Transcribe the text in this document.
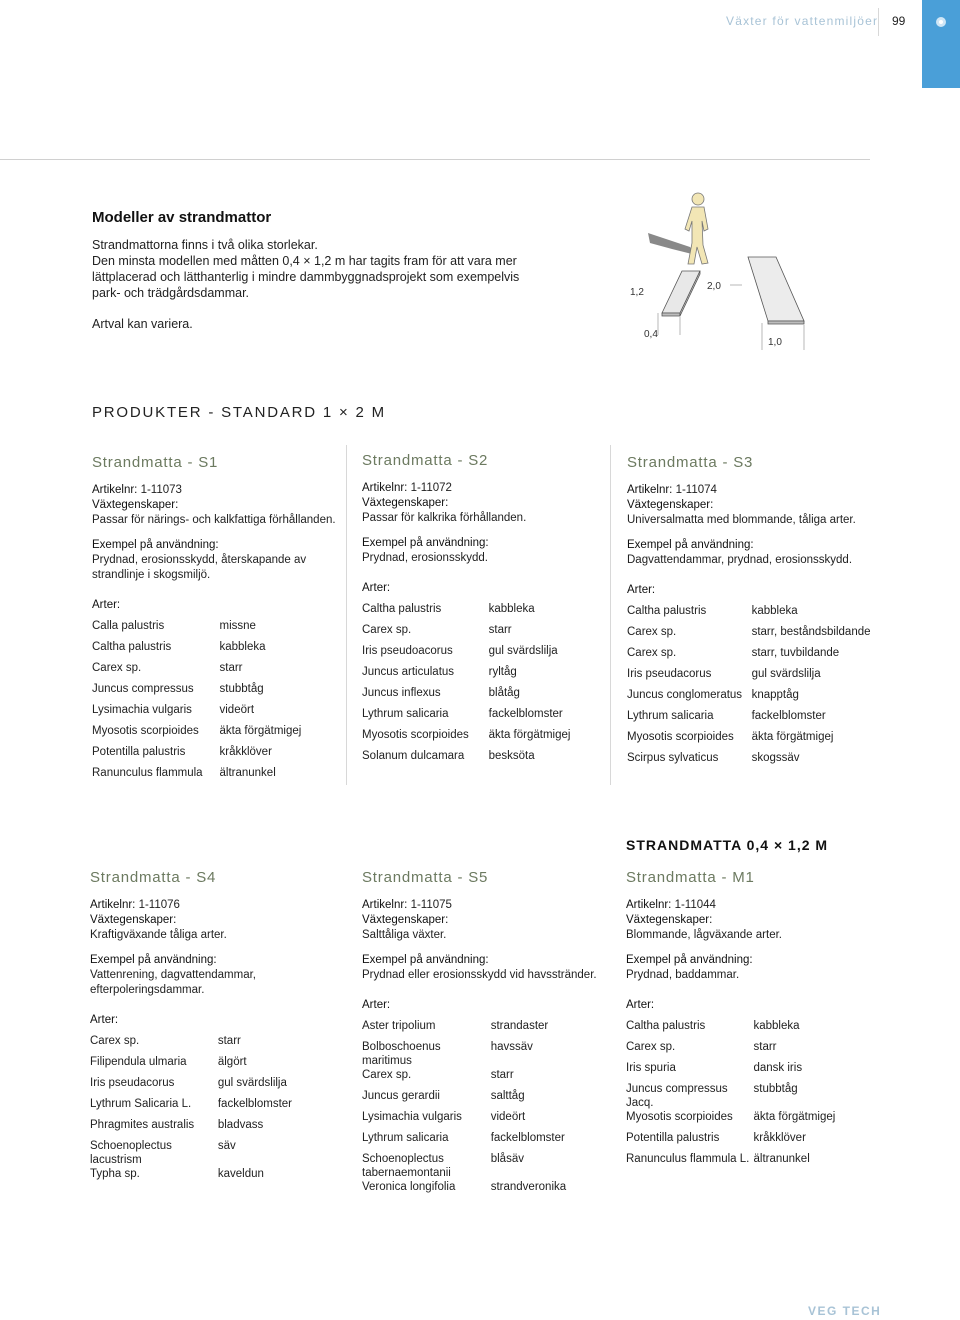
Växter för vattenmiljöer 99
Modeller av strandmattor

Strandmattorna finns i två olika storlekar.

Den minsta modellen med måtten 0,4 × 1,2 m har tagits fram för att vara mer lättplacerad och lätthanterlig i mindre dammbyggnadsprojekt som exempelvis park- och trädgårdsdammar.

Artval kan variera.
1,2
0,4
2,0
1,0
PRODUKTER - STANDARD 1 × 2 M
STRANDMATTA 0,4 × 1,2 M
Strandmatta - S1
Artikelnr: 1-11073
Växtegenskaper:
Passar för närings- och kalkfattiga förhållanden.
Exempel på användning:
Prydnad, erosionsskydd, återskapande av strandlinje i skogsmiljö.
Arter:
Calla palustris	missne
Caltha palustris	kabbleka
Carex sp.	starr
Juncus compressus	stubbtåg
Lysimachia vulgaris	videört
Myosotis scorpioides	äkta förgätmigej
Potentilla palustris	kråkklöver
Ranunculus flammula	ältranunkel
Strandmatta - S2
Artikelnr: 1-11072
Växtegenskaper:
Passar för kalkrika förhållanden.
Exempel på användning:
Prydnad, erosionsskydd.
Arter:
Caltha palustris	kabbleka
Carex sp.	starr
Iris pseudoacorus	gul svärdslilja
Juncus articulatus	ryltåg
Juncus inflexus	blåtåg
Lythrum salicaria	fackelblomster
Myosotis scorpioides	äkta förgätmigej
Solanum dulcamara	besksöta
Strandmatta - S3
Artikelnr: 1-11074
Växtegenskaper:
Universalmatta med blommande, tåliga arter.
Exempel på användning:
Dagvattendammar, prydnad, erosionsskydd.
Arter:
Caltha palustris	kabbleka
Carex sp.	starr, beståndsbildande
Carex sp.	starr, tuvbildande
Iris pseudacorus	gul svärdslilja
Juncus conglomeratus	knapptåg
Lythrum salicaria	fackelblomster
Myosotis scorpioides	äkta förgätmigej
Scirpus sylvaticus	skogssäv
Strandmatta - S4
Artikelnr: 1-11076
Växtegenskaper:
Kraftigväxande tåliga arter.
Exempel på användning:
Vattenrening, dagvattendammar, efterpoleringsdammar.
Arter:
Carex sp.	starr
Filipendula ulmaria	älgört
Iris pseudacorus	gul svärdslilja
Lythrum Salicaria L.	fackelblomster
Phragmites australis	bladvass
Schoenoplectus lacustrism	säv
Typha sp.	kaveldun
Strandmatta - S5
Artikelnr: 1-11075
Växtegenskaper:
Salttåliga växter.
Exempel på användning:
Prydnad eller erosionsskydd vid havsstränder.
Arter:
Aster tripolium	strandaster
Bolboschoenus maritimus	havssäv
Carex sp.	starr
Juncus gerardii	salttåg
Lysimachia vulgaris	videört
Lythrum salicaria	fackelblomster
Schoenoplectus tabernaemontanii	blåsäv
Veronica longifolia	strandveronika
Strandmatta - M1
Artikelnr: 1-11044
Växtegenskaper:
Blommande, lågväxande arter.
Exempel på användning:
Prydnad, baddammar.
Arter:
Caltha palustris	kabbleka
Carex sp.	starr
Iris spuria	dansk iris
Juncus compressus Jacq.	stubbtåg
Myosotis scorpioides	äkta förgätmigej
Potentilla palustris	kråkklöver
Ranunculus flammula L.	ältranunkel
VEG TECH
